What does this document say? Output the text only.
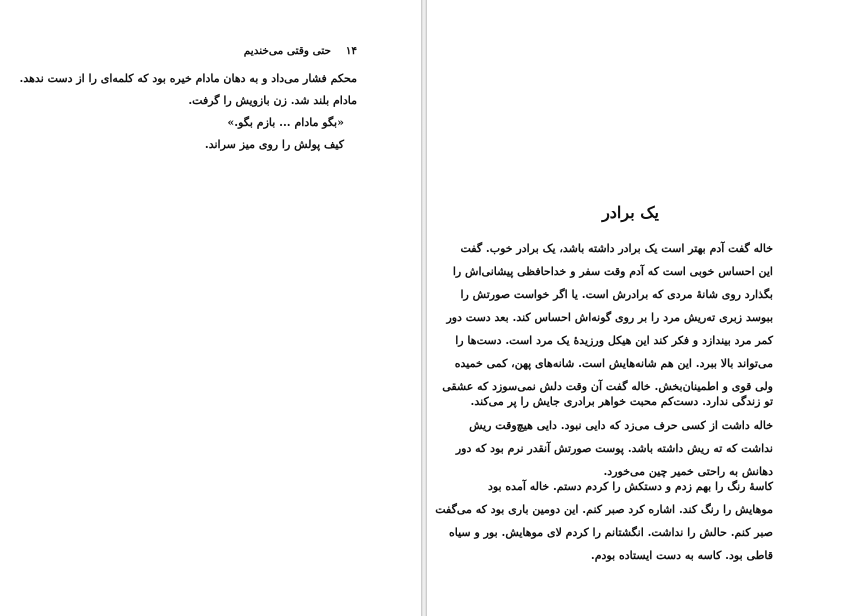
۱۴
حتی وقتی می‌خندیم
محکم فشار می‌داد و به دهان مادام خیره بود که کلمه‌ای را از دست ندهد.
مادام بلند شد. زن بازویش را گرفت.
«بگو مادام ... بازم بگو.»
کیف پولش را روی میز سراند.
یک برادر
خاله گفت آدم بهتر است یک برادر داشته باشد، یک برادر خوب. گفت
این احساس خوبی است که آدم وقت سفر و خداحافظی پیشانی‌اش را
بگذارد روی شانهٔ مردی که برادرش است. یا اگر خواست صورتش را
ببوسد زبری ته‌ریش مرد را بر روی گونه‌اش احساس کند. بعد دست دور
کمر مرد بیندازد و فکر کند این هیکل ورزیدهٔ یک مرد است. دست‌ها را
می‌تواند بالا ببرد. این هم شانه‌هایش است. شانه‌های پهن، کمی خمیده
ولی قوی و اطمینان‌بخش. خاله گفت آن وقت دلش نمی‌سوزد که عشقی
تو زندگی ندارد. دست‌کم محبت خواهر برادری جایش را پر می‌کند.
خاله داشت از کسی حرف می‌زد که دایی نبود. دایی هیچ‌وقت ریش
نداشت که ته ریش داشته باشد. پوست صورتش آنقدر نرم بود که دور
دهانش به راحتی خمیر چین می‌خورد.
کاسهٔ رنگ را بهم زدم و دستکش را کردم دستم. خاله آمده بود
موهایش را رنگ کند. اشاره کرد صبر کنم. این دومین باری بود که می‌گفت
صبر کنم. حالش را نداشت. انگشتانم را کردم لای موهایش. بور و سیاه
قاطی بود. کاسه به دست ایستاده بودم.
